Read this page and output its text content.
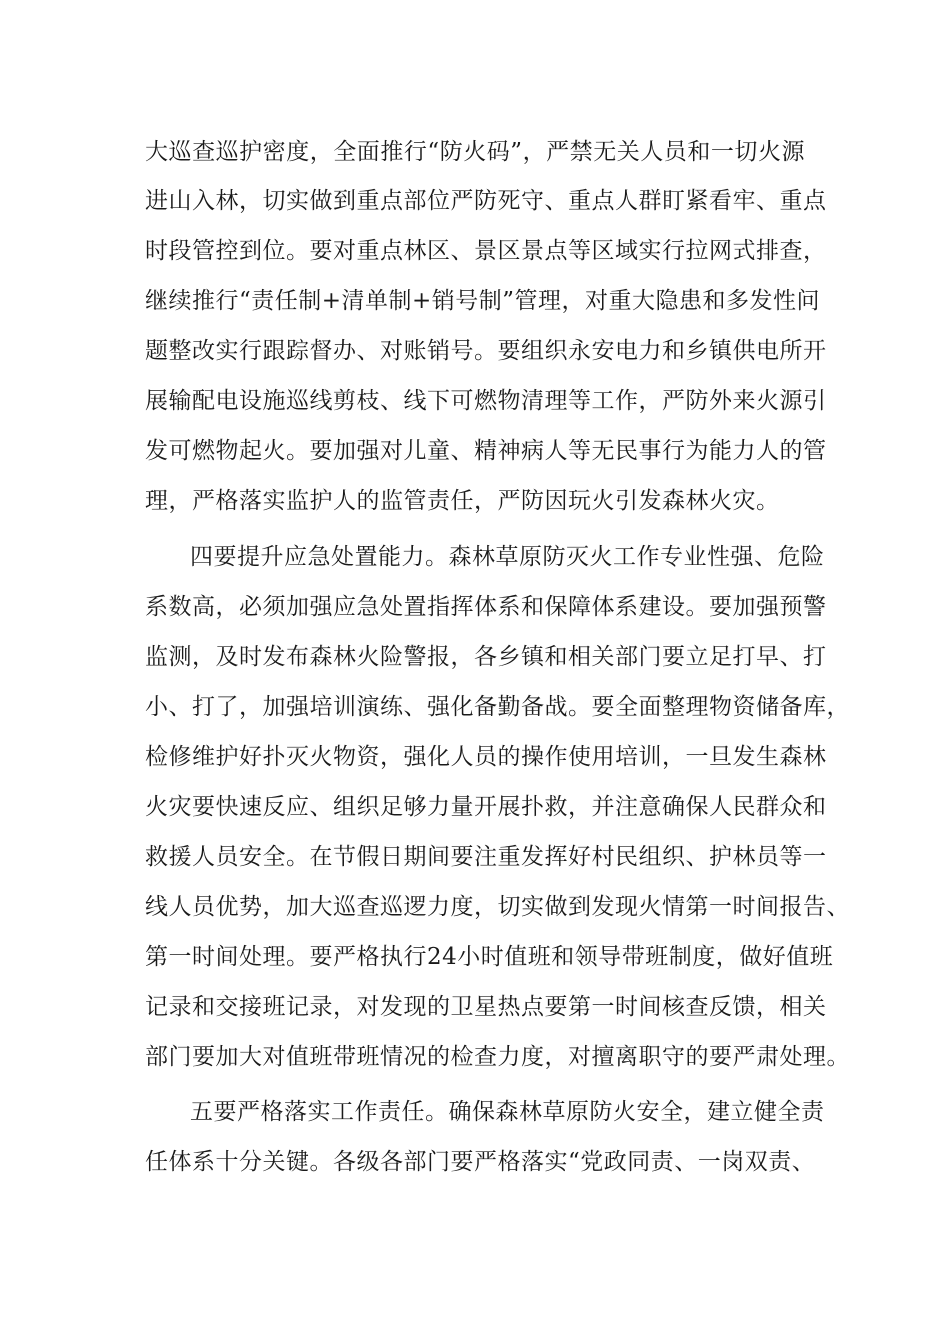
大巡查巡护密度，全面推行“防火码”，严禁无关人员和一切火源
进山入林，切实做到重点部位严防死守、重点人群盯紧看牢、重点
时段管控到位。要对重点林区、景区景点等区域实行拉网式排查，
继续推行“责任制+清单制+销号制”管理，对重大隐患和多发性问
题整改实行跟踪督办、对账销号。要组织永安电力和乡镇供电所开
展输配电设施巡线剪枝、线下可燃物清理等工作，严防外来火源引
发可燃物起火。要加强对儿童、精神病人等无民事行为能力人的管
理，严格落实监护人的监管责任，严防因玩火引发森林火灾。
四要提升应急处置能力。森林草原防灭火工作专业性强、危险
系数高，必须加强应急处置指挥体系和保障体系建设。要加强预警
监测，及时发布森林火险警报，各乡镇和相关部门要立足打早、打
小、打了，加强培训演练、强化备勤备战。要全面整理物资储备库，
检修维护好扑灭火物资，强化人员的操作使用培训，一旦发生森林
火灾要快速反应、组织足够力量开展扑救，并注意确保人民群众和
救援人员安全。在节假日期间要注重发挥好村民组织、护林员等一
线人员优势，加大巡查巡逻力度，切实做到发现火情第一时间报告、
第一时间处理。要严格执行24小时值班和领导带班制度，做好值班
记录和交接班记录，对发现的卫星热点要第一时间核查反馈，相关
部门要加大对值班带班情况的检查力度，对擅离职守的要严肃处理。
五要严格落实工作责任。确保森林草原防火安全，建立健全责
任体系十分关键。各级各部门要严格落实“党政同责、一岗双责、
